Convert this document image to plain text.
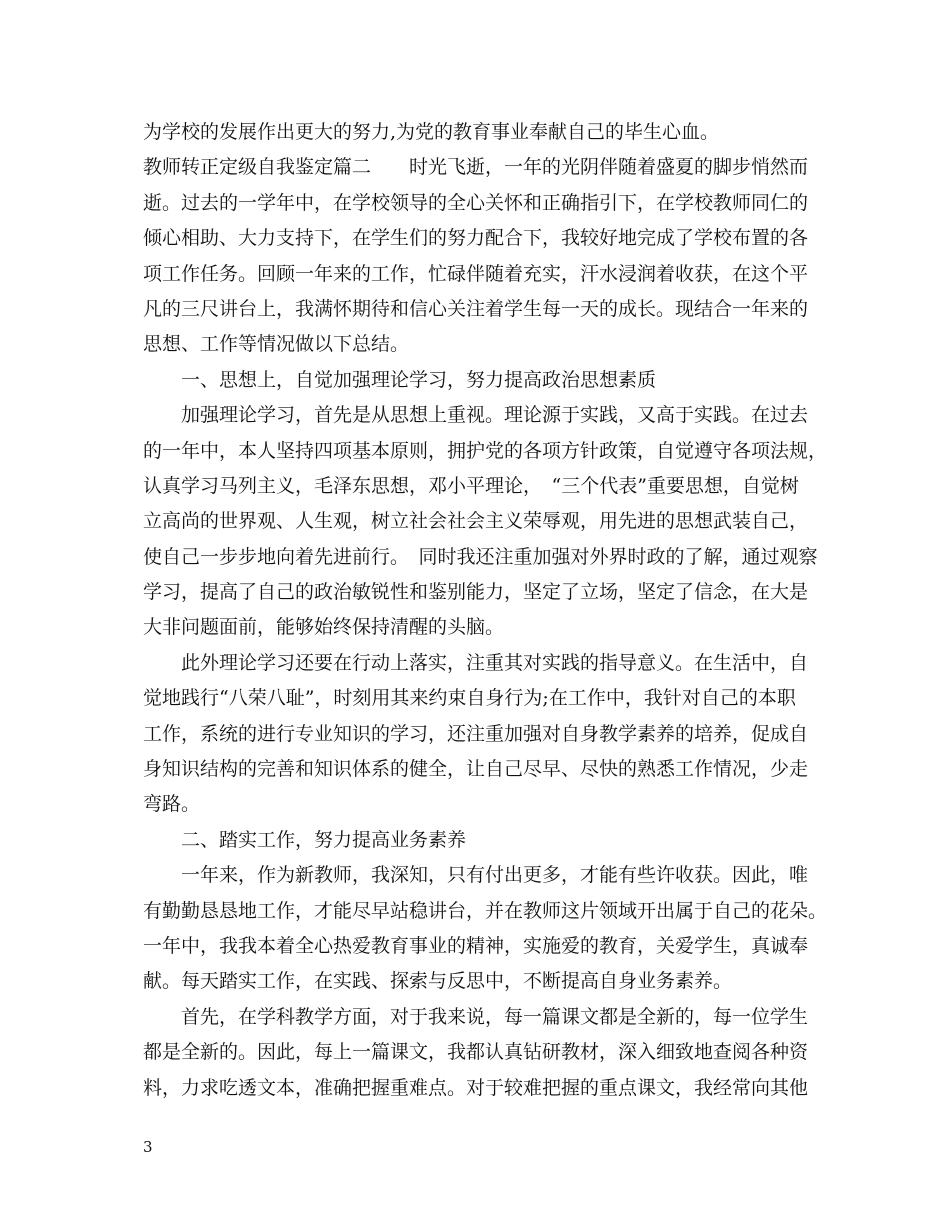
为学校的发展作出更大的努力,为党的教育事业奉献自己的毕生心血。
教师转正定级自我鉴定篇二　　时光飞逝，一年的光阴伴随着盛夏的脚步悄然而
逝。过去的一学年中，在学校领导的全心关怀和正确指引下，在学校教师同仁的
倾心相助、大力支持下，在学生们的努力配合下，我较好地完成了学校布置的各
项工作任务。回顾一年来的工作，忙碌伴随着充实，汗水浸润着收获，在这个平
凡的三尺讲台上，我满怀期待和信心关注着学生每一天的成长。现结合一年来的
思想、工作等情况做以下总结。
一、思想上，自觉加强理论学习，努力提高政治思想素质
加强理论学习，首先是从思想上重视。理论源于实践，又高于实践。在过去
的一年中，本人坚持四项基本原则，拥护党的各项方针政策，自觉遵守各项法规，
认真学习马列主义，毛泽东思想，邓小平理论，　“三个代表”重要思想，自觉树
立高尚的世界观、人生观，树立社会社会主义荣辱观，用先进的思想武装自己，
使自己一步步地向着先进前行。　同时我还注重加强对外界时政的了解，通过观察
学习，提高了自己的政治敏锐性和鉴别能力，坚定了立场，坚定了信念，在大是
大非问题面前，能够始终保持清醒的头脑。
此外理论学习还要在行动上落实，注重其对实践的指导意义。在生活中，自
觉地践行“八荣八耻”，时刻用其来约束自身行为;在工作中，我针对自己的本职
工作，系统的进行专业知识的学习，还注重加强对自身教学素养的培养，促成自
身知识结构的完善和知识体系的健全，让自己尽早、尽快的熟悉工作情况，少走
弯路。
二、踏实工作，努力提高业务素养
一年来，作为新教师，我深知，只有付出更多，才能有些许收获。因此，唯
有勤勤恳恳地工作，才能尽早站稳讲台，并在教师这片领域开出属于自己的花朵。
一年中，我我本着全心热爱教育事业的精神，实施爱的教育，关爱学生，真诚奉
献。每天踏实工作，在实践、探索与反思中，不断提高自身业务素养。
首先，在学科教学方面，对于我来说，每一篇课文都是全新的，每一位学生
都是全新的。因此，每上一篇课文，我都认真钻研教材，深入细致地查阅各种资
料，力求吃透文本，准确把握重难点。对于较难把握的重点课文，我经常向其他
3
